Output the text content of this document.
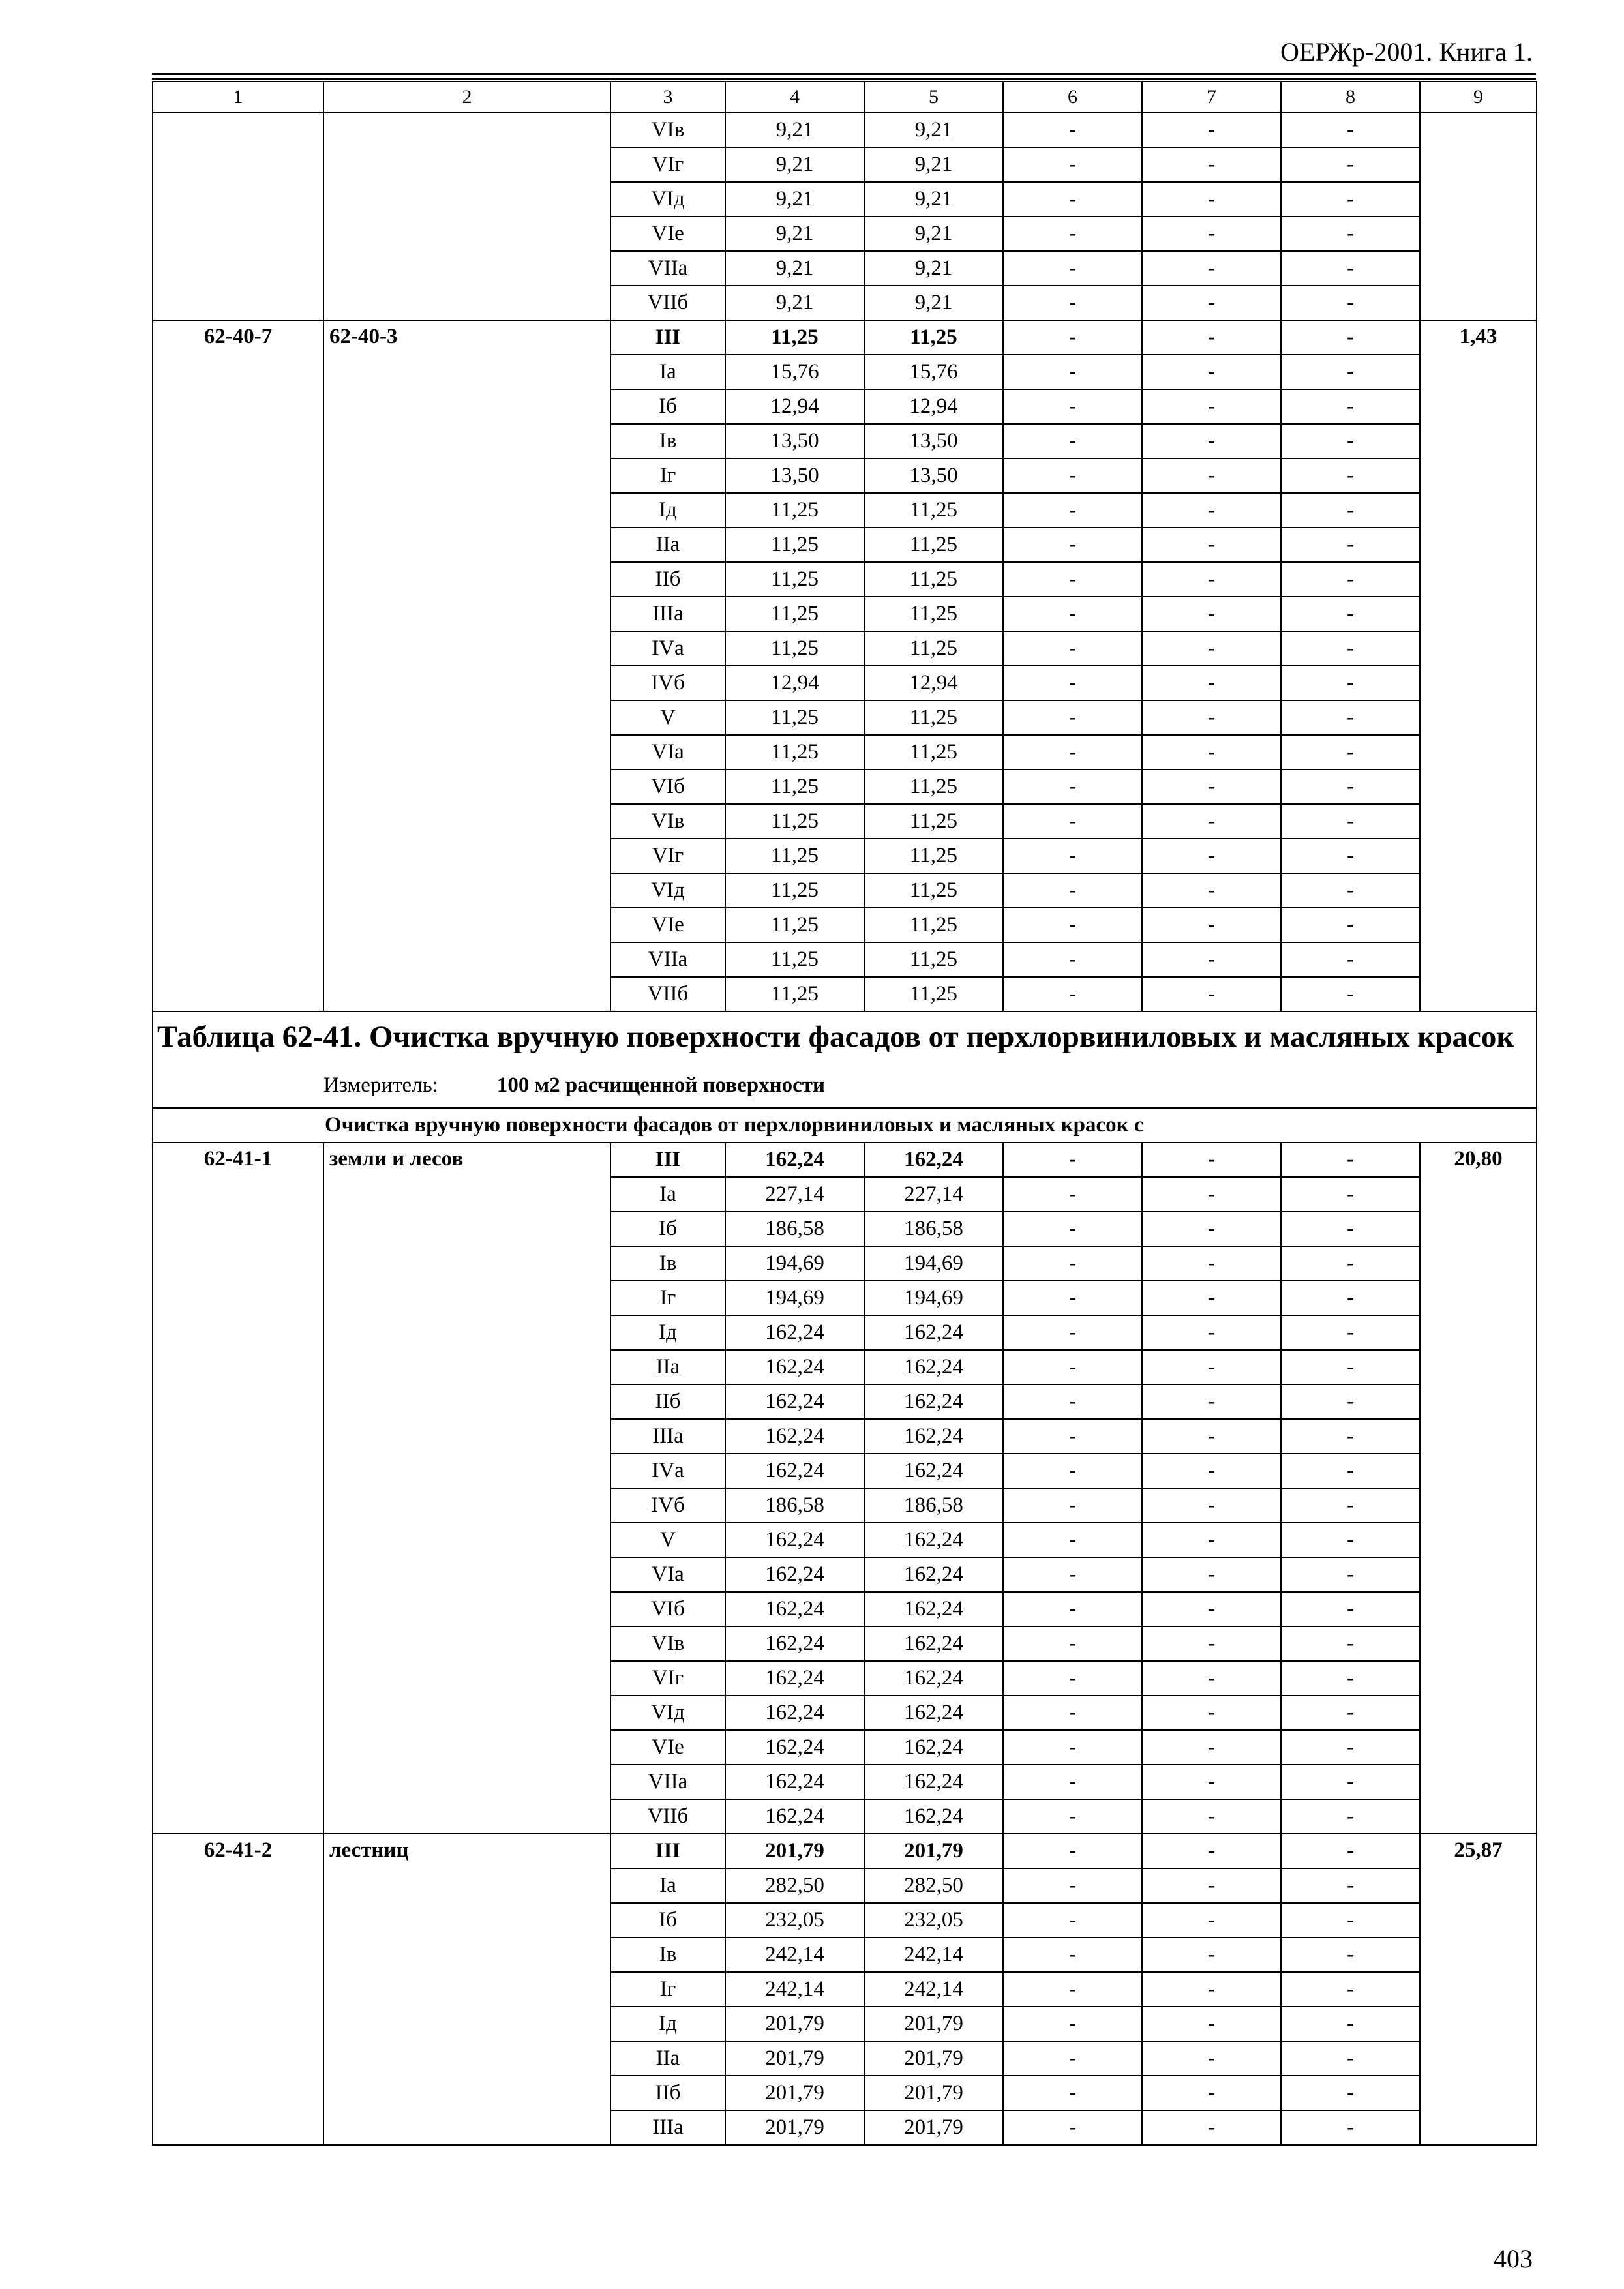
ОЕРЖр-2001. Книга 1.
1	2	3	4	5	6	7	8	9
		VIв	9,21	9,21	-	-	-	
		VIг	9,21	9,21	-	-	-	
		VIд	9,21	9,21	-	-	-	
		VIе	9,21	9,21	-	-	-	
		VIIа	9,21	9,21	-	-	-	
		VIIб	9,21	9,21	-	-	-	
62-40-7	62-40-3	III	11,25	11,25	-	-	-	1,43
		Iа	15,76	15,76	-	-	-	
		Iб	12,94	12,94	-	-	-	
		Iв	13,50	13,50	-	-	-	
		Iг	13,50	13,50	-	-	-	
		Iд	11,25	11,25	-	-	-	
		IIа	11,25	11,25	-	-	-	
		IIб	11,25	11,25	-	-	-	
		IIIа	11,25	11,25	-	-	-	
		IVа	11,25	11,25	-	-	-	
		IVб	12,94	12,94	-	-	-	
		V	11,25	11,25	-	-	-	
		VIа	11,25	11,25	-	-	-	
		VIб	11,25	11,25	-	-	-	
		VIв	11,25	11,25	-	-	-	
		VIг	11,25	11,25	-	-	-	
		VIд	11,25	11,25	-	-	-	
		VIе	11,25	11,25	-	-	-	
		VIIа	11,25	11,25	-	-	-	
		VIIб	11,25	11,25	-	-	-	

Таблица 62-41. Очистка вручную поверхности фасадов от перхлорвиниловых и масляных красок
Измеритель: 100 м2 расчищенной поверхности								

Очистка вручную поверхности фасадов от перхлорвиниловых и масляных красок с								
62-41-1	земли и лесов	III	162,24	162,24	-	-	-	20,80
		Iа	227,14	227,14	-	-	-	
		Iб	186,58	186,58	-	-	-	
		Iв	194,69	194,69	-	-	-	
		Iг	194,69	194,69	-	-	-	
		Iд	162,24	162,24	-	-	-	
		IIа	162,24	162,24	-	-	-	
		IIб	162,24	162,24	-	-	-	
		IIIа	162,24	162,24	-	-	-	
		IVа	162,24	162,24	-	-	-	
		IVб	186,58	186,58	-	-	-	
		V	162,24	162,24	-	-	-	
		VIа	162,24	162,24	-	-	-	
		VIб	162,24	162,24	-	-	-	
		VIв	162,24	162,24	-	-	-	
		VIг	162,24	162,24	-	-	-	
		VIд	162,24	162,24	-	-	-	
		VIе	162,24	162,24	-	-	-	
		VIIа	162,24	162,24	-	-	-	
		VIIб	162,24	162,24	-	-	-	
62-41-2	лестниц	III	201,79	201,79	-	-	-	25,87
		Iа	282,50	282,50	-	-	-	
		Iб	232,05	232,05	-	-	-	
		Iв	242,14	242,14	-	-	-	
		Iг	242,14	242,14	-	-	-	
		Iд	201,79	201,79	-	-	-	
		IIа	201,79	201,79	-	-	-	
		IIб	201,79	201,79	-	-	-	
		IIIа	201,79	201,79	-	-	-	
403
